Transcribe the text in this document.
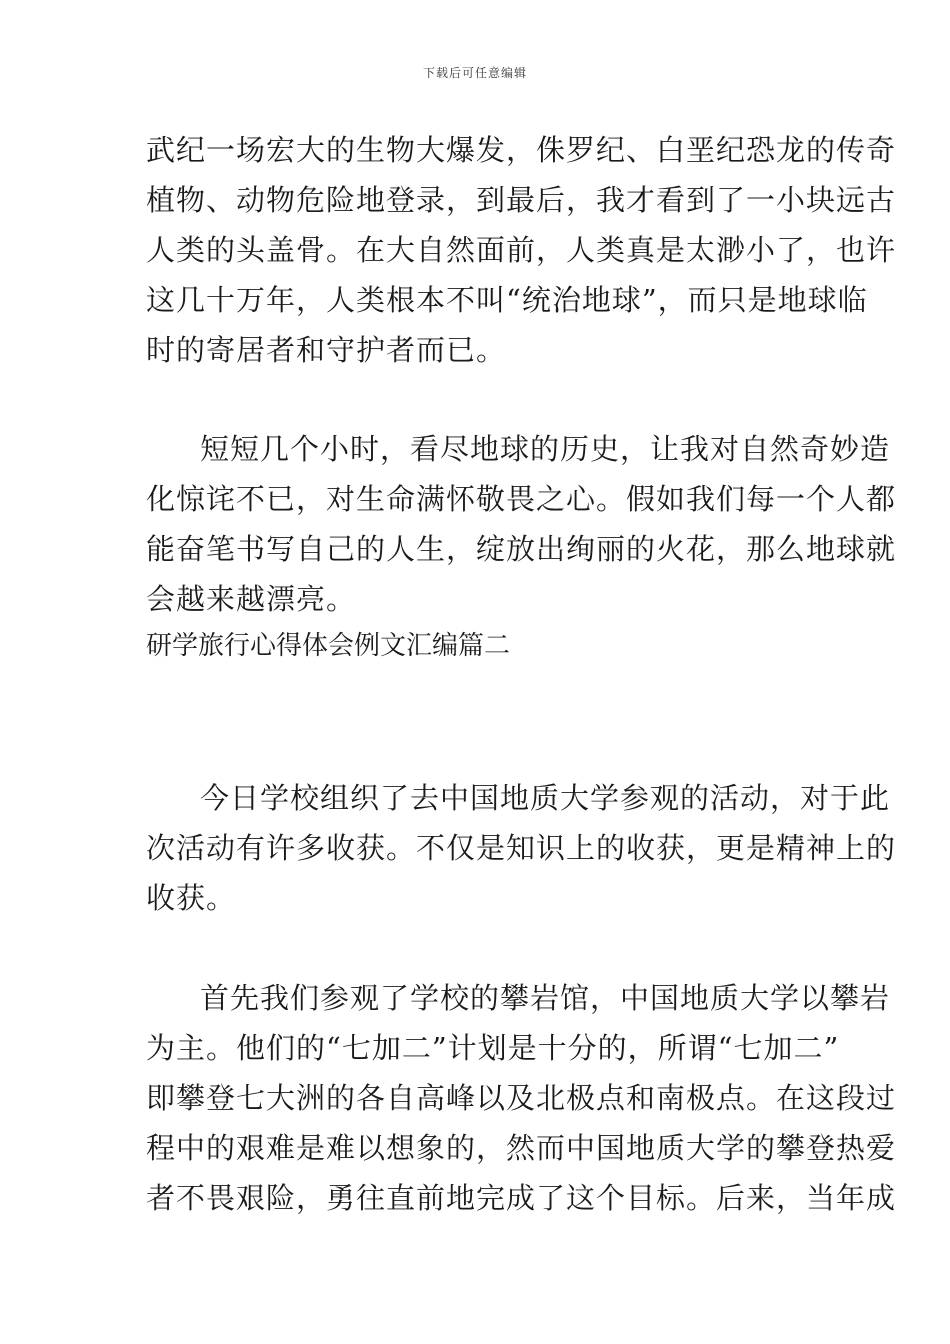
下载后可任意编辑
武纪一场宏大的生物大爆发，侏罗纪、白垩纪恐龙的传奇
植物、动物危险地登录，到最后，我才看到了一小块远古
人类的头盖骨。在大自然面前，人类真是太渺小了，也许
这几十万年，人类根本不叫“统治地球”，而只是地球临
时的寄居者和守护者而已。
短短几个小时，看尽地球的历史，让我对自然奇妙造
化惊诧不已，对生命满怀敬畏之心。假如我们每一个人都
能奋笔书写自己的人生，绽放出绚丽的火花，那么地球就
会越来越漂亮。
研学旅行心得体会例文汇编篇二
今日学校组织了去中国地质大学参观的活动，对于此
次活动有许多收获。不仅是知识上的收获，更是精神上的
收获。
首先我们参观了学校的攀岩馆，中国地质大学以攀岩
为主。他们的“七加二”计划是十分的，所谓“七加二”
即攀登七大洲的各自高峰以及北极点和南极点。在这段过
程中的艰难是难以想象的，然而中国地质大学的攀登热爱
者不畏艰险，勇往直前地完成了这个目标。后来，当年成
